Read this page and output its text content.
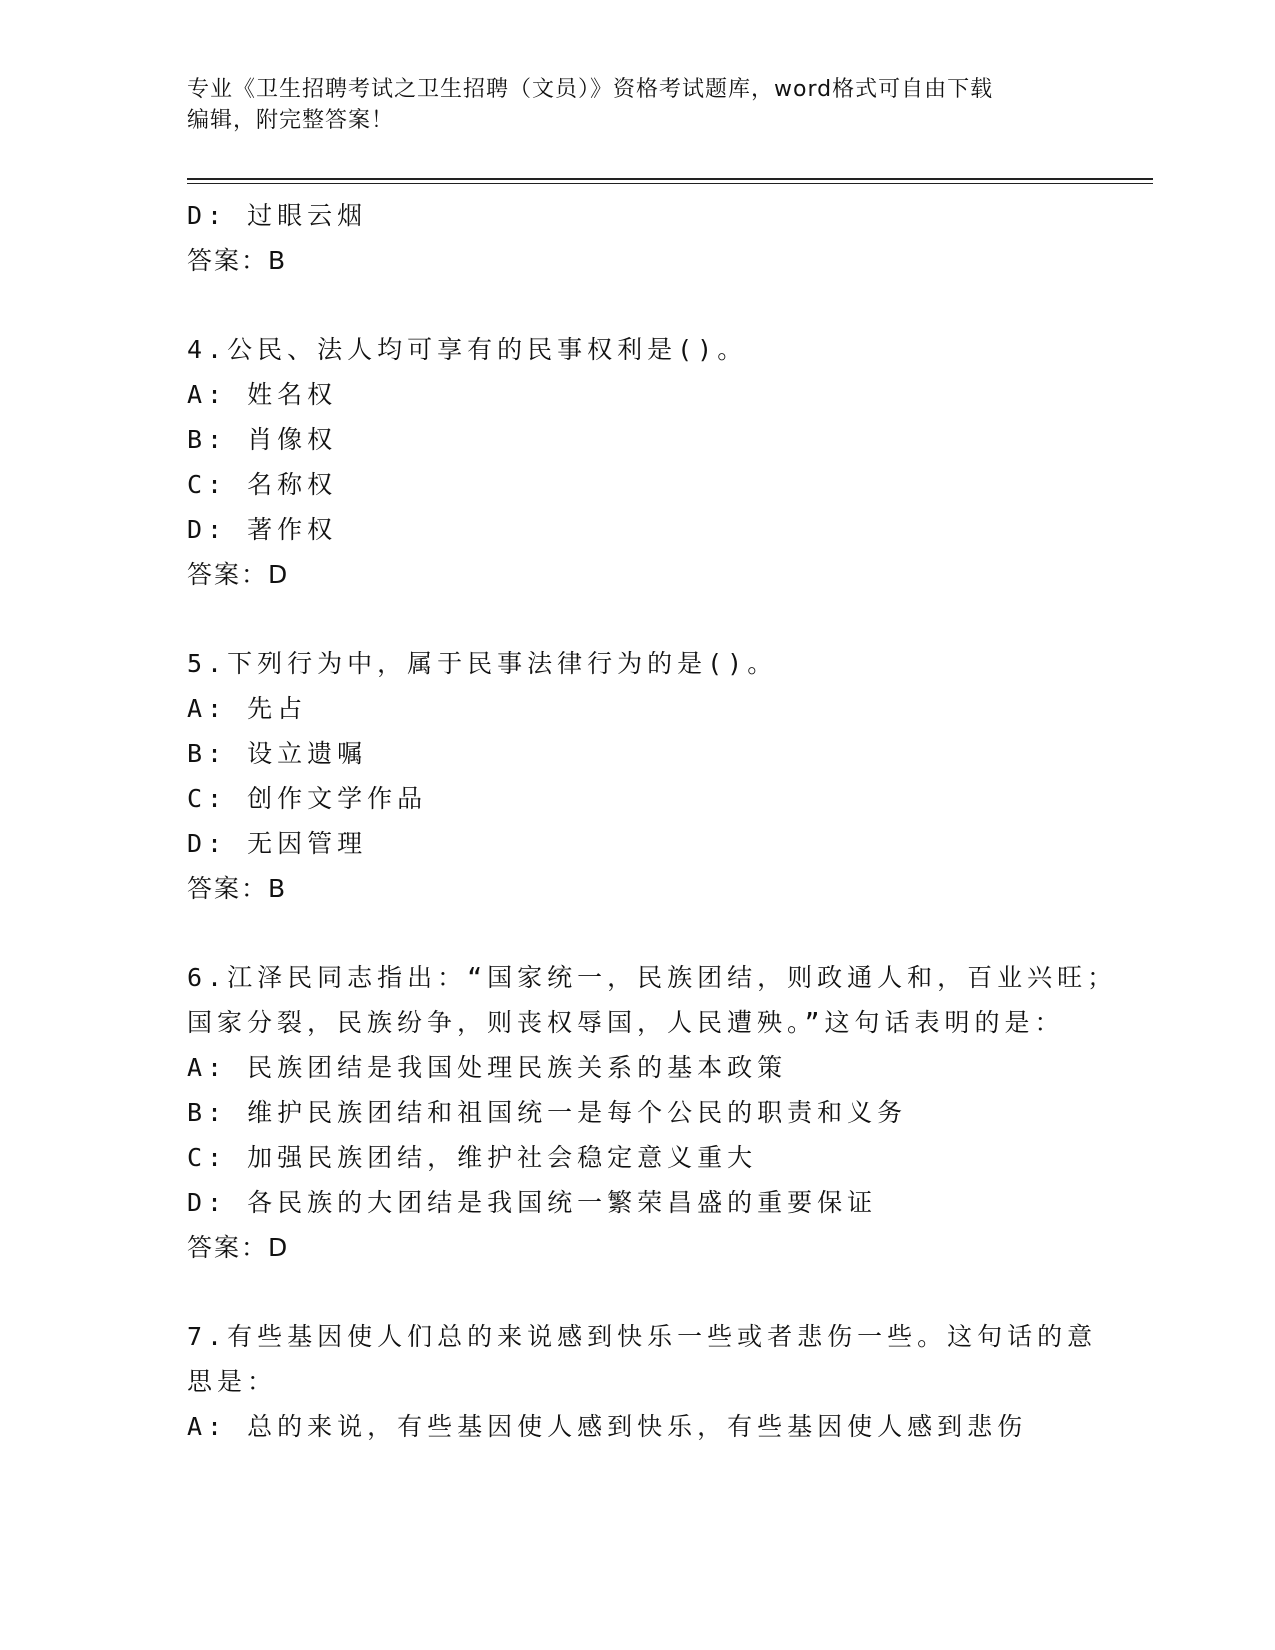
专业《卫生招聘考试之卫生招聘（文员）》资格考试题库，word格式可自由下载
编辑，附完整答案！
D: 过眼云烟
答案：B
4.公民、法人均可享有的民事权利是()。
A: 姓名权
B: 肖像权
C: 名称权
D: 著作权
答案：D
5.下列行为中，属于民事法律行为的是()。
A: 先占
B: 设立遗嘱
C: 创作文学作品
D: 无因管理
答案：B
6.江泽民同志指出：“国家统一，民族团结，则政通人和，百业兴旺；
国家分裂，民族纷争，则丧权辱国，人民遭殃。”这句话表明的是：
A: 民族团结是我国处理民族关系的基本政策
B: 维护民族团结和祖国统一是每个公民的职责和义务
C: 加强民族团结，维护社会稳定意义重大
D: 各民族的大团结是我国统一繁荣昌盛的重要保证
答案：D
7.有些基因使人们总的来说感到快乐一些或者悲伤一些。这句话的意
思是：
A: 总的来说，有些基因使人感到快乐，有些基因使人感到悲伤
